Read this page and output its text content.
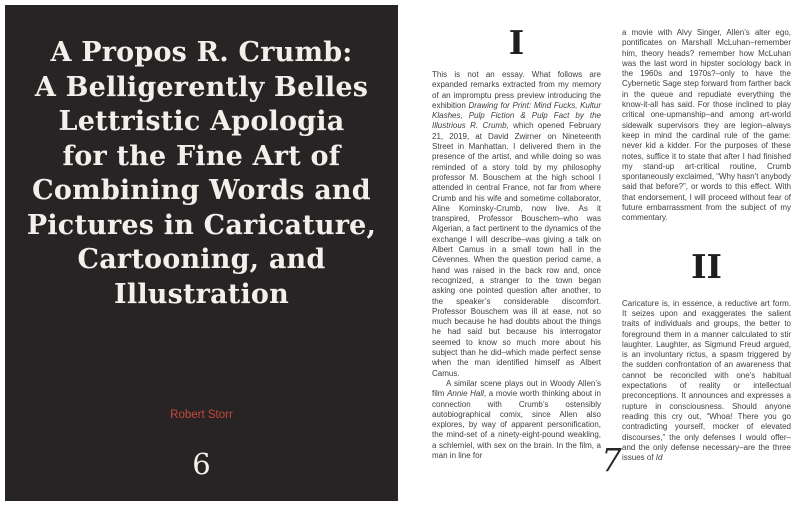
A Propos R. Crumb:
A Belligerently Belles
Lettristic Apologia
for the Fine Art of
Combining Words and
Pictures in Caricature,
Cartooning, and
Illustration
Robert Storr
6
I

This is not an essay. What follows are expanded remarks extracted from my memory of an impromptu press preview introducing the exhibition Drawing for Print: Mind Fucks, Kultur Klashes, Pulp Fiction & Pulp Fact by the Illustrious R. Crumb, which opened February 21, 2019, at David Zwirner on Nineteenth Street in Manhattan. I delivered them in the presence of the artist, and while doing so was reminded of a story told by my philosophy professor M. Bouschem at the high school I attended in central France, not far from where Crumb and his wife and sometime collaborator, Aline Kominsky-Crumb, now live. As it transpired, Professor Bouschem–who was Algerian, a fact pertinent to the dynamics of the exchange I will describe–was giving a talk on Albert Camus in a small town hall in the Cévennes. When the question period came, a hand was raised in the back row and, once recognized, a stranger to the town began asking one pointed question after another, to the speaker’s considerable discomfort. Professor Bouschem was ill at ease, not so much because he had doubts about the things he had said but because his interrogator seemed to know so much more about his subject than he did–which made perfect sense when the man identified himself as Albert Camus.

A similar scene plays out in Woody Allen’s film Annie Hall, a movie worth thinking about in connection with Crumb’s ostensibly autobiographical comix, since Allen also explores, by way of apparent personification, the mind-set of a ninety-eight-pound weakling, a schlemiel, with sex on the brain. In the film, a man in line for

a movie with Alvy Singer, Allen’s alter ego, pontificates on Marshall McLuhan–remember him, theory heads? remember how McLuhan was the last word in hipster sociology back in the 1960s and 1970s?–only to have the Cybernetic Sage step forward from farther back in the queue and repudiate everything the know-it-all has said. For those inclined to play critical one-upmanship–and among art-world sidewalk supervisors they are legion–always keep in mind the cardinal rule of the game: never kid a kidder. For the purposes of these notes, suffice it to state that after I had finished my stand-up art-critical routine, Crumb spontaneously exclaimed, “Why hasn’t anybody said that before?”, or words to this effect. With that endorsement, I will proceed without fear of future embarrassment from the subject of my commentary.

II

Caricature is, in essence, a reductive art form. It seizes upon and exaggerates the salient traits of individuals and groups, the better to foreground them in a manner calculated to stir laughter. Laughter, as Sigmund Freud argued, is an involuntary rictus, a spasm triggered by the sudden confrontation of an awareness that cannot be reconciled with one’s habitual expectations of reality or intellectual preconceptions. It announces and expresses a rupture in consciousness. Should anyone reading this cry out, “Whoa! There you go contradicting yourself, mocker of elevated discourses,” the only defenses I would offer–and the only defense necessary–are the three issues of Id

7
